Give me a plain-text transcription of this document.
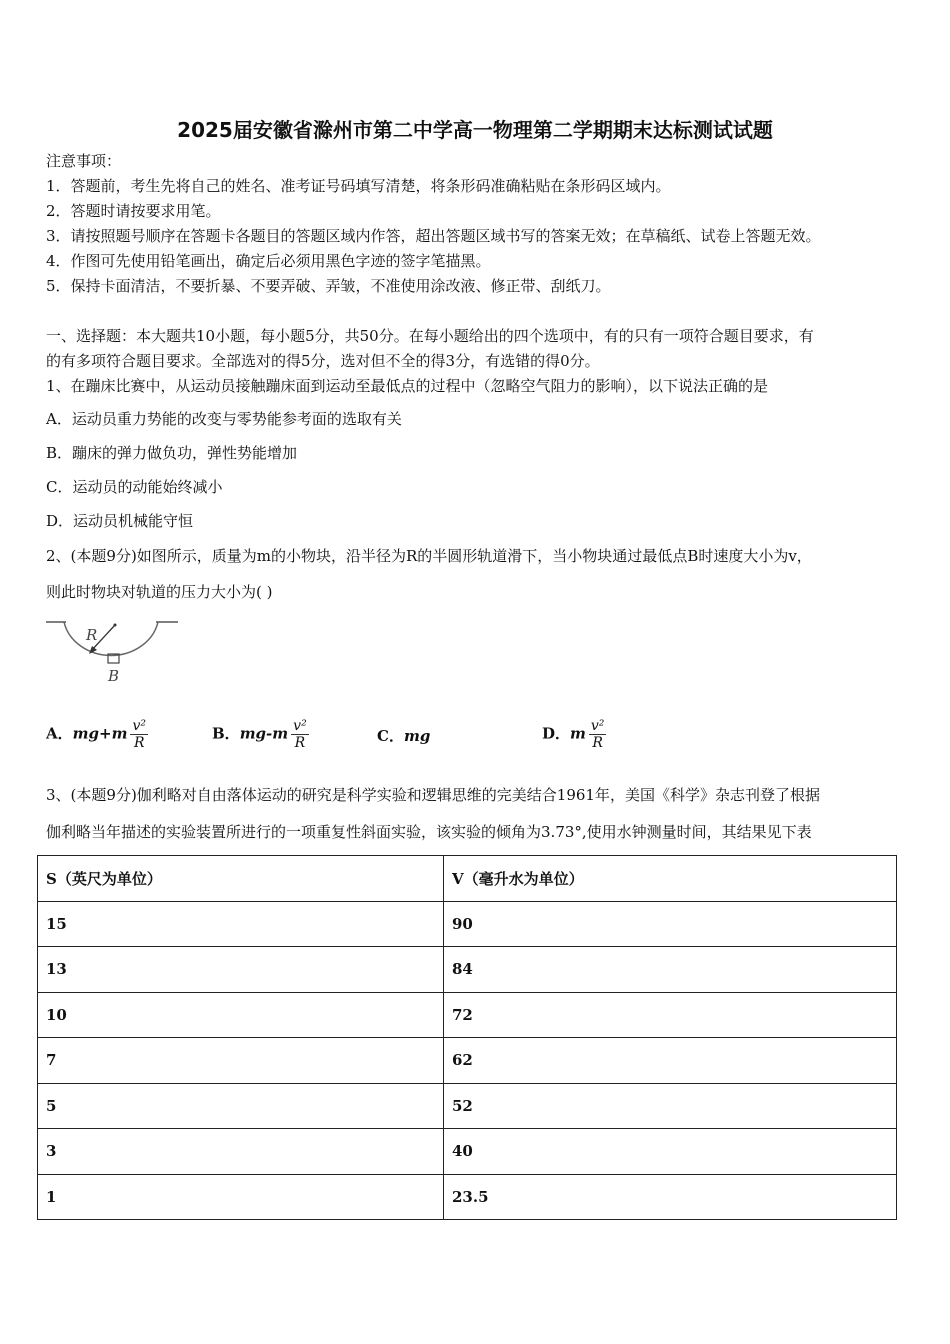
2025届安徽省滁州市第二中学高一物理第二学期期末达标测试试题
注意事项：
1．答题前，考生先将自己的姓名、准考证号码填写清楚，将条形码准确粘贴在条形码区域内。
2．答题时请按要求用笔。
3．请按照题号顺序在答题卡各题目的答题区域内作答，超出答题区域书写的答案无效；在草稿纸、试卷上答题无效。
4．作图可先使用铅笔画出，确定后必须用黑色字迹的签字笔描黑。
5．保持卡面清洁，不要折暴、不要弄破、弄皱，不准使用涂改液、修正带、刮纸刀。
一、选择题：本大题共10小题，每小题5分，共50分。在每小题给出的四个选项中，有的只有一项符合题目要求，有
的有多项符合题目要求。全部选对的得5分，选对但不全的得3分，有选错的得0分。
1、在蹦床比赛中，从运动员接触蹦床面到运动至最低点的过程中（忽略空气阻力的影响），以下说法正确的是
A．运动员重力势能的改变与零势能参考面的选取有关
B．蹦床的弹力做负功，弹性势能增加
C．运动员的动能始终减小
D．运动员机械能守恒
2、(本题9分)如图所示，质量为m的小物块，沿半径为R的半圆形轨道滑下，当小物块通过最低点B时速度大小为v，
则此时物块对轨道的压力大小为( )
R
B
A．$mg+m \frac{\text{v²}}{R}$	B．$mg-m \frac{\text{v²}}{R}$	C．mg	D．m $\frac{\text{v²}}{R}$
3、(本题9分)伽利略对自由落体运动的研究是科学实验和逻辑思维的完美结合1961年，美国《科学》杂志刊登了根据
伽利略当年描述的实验装置所进行的一项重复性斜面实验，该实验的倾角为3.73°,使用水钟测量时间，其结果见下表
S（英尺为单位）	V（毫升水为单位）
15	90
13	84
10	72
7	62
5	52
3	40
1	23.5
